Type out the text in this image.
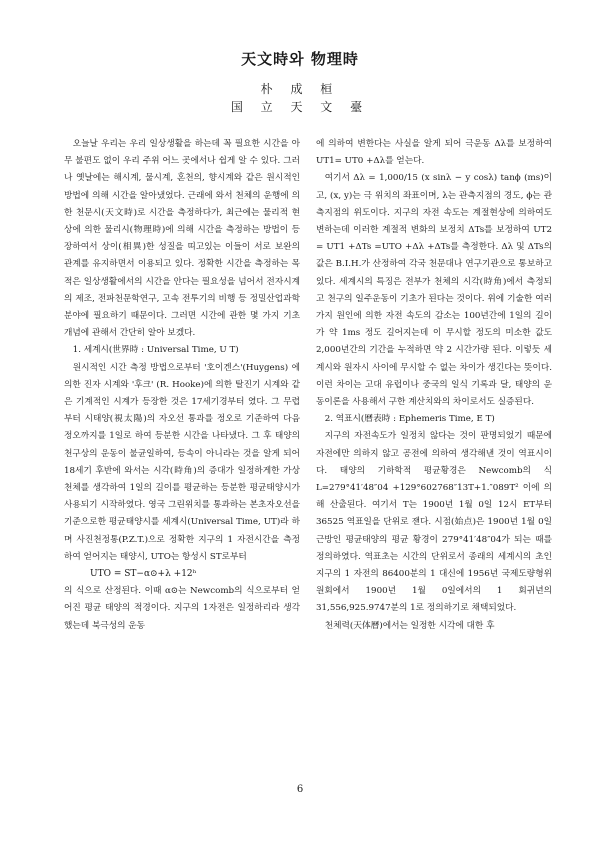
天文時와 物理時
朴 成 桓
国 立 天 文 臺

오늘날 우리는 우리 일상생활을 하는데 꼭 필요한 시간을 아무 불편도 없이 우리 주위 어느 곳에서나 쉽게 알 수 있다. 그러나 옛날에는 해시계, 물시계, 혼천의, 향시계와 같은 원시적인 방법에 의해 시간을 알아냈었다. 근래에 와서 천체의 운행에 의한 천문시(天文時)로 시간을 측정하다가, 최근에는 물리적 현상에 의한 물리시(物理時)에 의해 시간을 측정하는 방법이 등장하여서 상이(相異)한 성질을 띠고있는 이들이 서로 보완의 관계를 유지하면서 이용되고 있다. 정확한 시간을 측정하는 목적은 일상생활에서의 시간을 안다는 필요성을 넘어서 전자시계의 제조, 전파천문학연구, 고속 전투기의 비행 등 정밀산업과학 분야에 필요하기 때문이다. 그러면 시간에 관한 몇 가지 기초 개념에 관해서 간단히 알아 보겠다.

1. 세계시(世界時 : Universal Time, U T)

원시적인 시간 측정 방법으로부터 '호이겐스'(Huygens) 에 의한 진자 시계와 '후크' (R. Hooke)에 의한 탈진기 시계와 같은 기계적인 시계가 등장한 것은 17세기경부터 였다. 그 무렵부터 시태양(視太陽)의 자오선 통과를 정오로 기준하여 다음 정오까지를 1일로 하여 등분한 시간을 나타냈다. 그 후 태양의 천구상의 운동이 불균일하여, 등속이 아니라는 것을 알게 되어 18세기 후반에 와서는 시각(時角)의 증대가 일정하게한 가상천체를 생각하여 1일의 길이를 평균하는 등분한 평균태양시가 사용되기 시작하였다. 영국 그린위치를 통과하는 본초자오선을 기준으로한 평균태양시를 세계시(Universal Time, UT)라 하며 사진천정통(P.Z.T.)으로 정확한 지구의 1 자전시간을 측정하여 얻어지는 태양시, UTO는 항성시 ST로부터

UTO = ST−α⊙+λ +12ʰ

의 식으로 산정된다. 이때 α⊙는 Newcomb의 식으로부터 얻어진 평균 태양의 적경이다. 지구의 1자전은 일정하리라 생각했는데 북극성의 운동

에 의하여 변한다는 사실을 알게 되어 극운동 Δλ를 보정하여 UT1= UT0 +Δλ를 얻는다.

여기서 Δλ = 1,000/15 (x sinλ − y cosλ) tanϕ (ms)이고, (x, y)는 극 위치의 좌표이며, λ는 관측지점의 경도, ϕ는 관측지점의 위도이다. 지구의 자전 속도는 계절현상에 의하여도 변하는데 이러한 계절적 변화의 보정치 ΔTs를 보정하여 UT2 = UT1 +ΔTs =UTO +Δλ +ΔTs를 측정한다. Δλ 및 ΔTs의 값은 B.I.H.가 산정하여 각국 천문대나 연구기관으로 통보하고 있다. 세계시의 특징은 전부가 천체의 시각(時角)에서 측정되고 천구의 일주운동이 기초가 된다는 것이다. 위에 기술한 여러 가지 원인에 의한 자전 속도의 감소는 100년간에 1일의 길이가 약 1ms 정도 길어지는데 이 무시할 정도의 미소한 값도 2,000년간의 기간을 누적하면 약 2 시간가량 된다. 이렇듯 세계시와 원자시 사이에 무시할 수 없는 차이가 생긴다는 뜻이다. 이런 차이는 고대 유럽이나 중국의 일식 기록과 달, 태양의 운동이론을 사용해서 구한 계산치와의 차이로서도 실증된다.

2. 역표시(曆表時 : Ephemeris Time, E T)

지구의 자전속도가 일정치 않다는 것이 판명되었기 때문에 자전에만 의하지 않고 공전에 의하여 생각해낸 것이 역표시이다. 태양의 기하학적 평균황경은 Newcomb의 식 L=279°41′48″04 +129°602768″13T+1.″089T² 이에 의해 산출된다. 여기서 T는 1900년 1월 0일 12시 ET부터 36525 역표일을 단위로 잰다. 시점(始点)은 1900년 1월 0일 근방인 평균태양의 평균 황경이 279°41′48″04가 되는 때를 정의하였다. 역표초는 시간의 단위로서 종래의 세계시의 초인 지구의 1 자전의 86400분의 1 대신에 1956년 국제도량형위원회에서 1900년 1월 0일에서의 1 회귀년의 31,556,925.9747분의 1로 정의하기로 채택되었다.

천체력(天体曆)에서는 일정한 시각에 대한 후

6
